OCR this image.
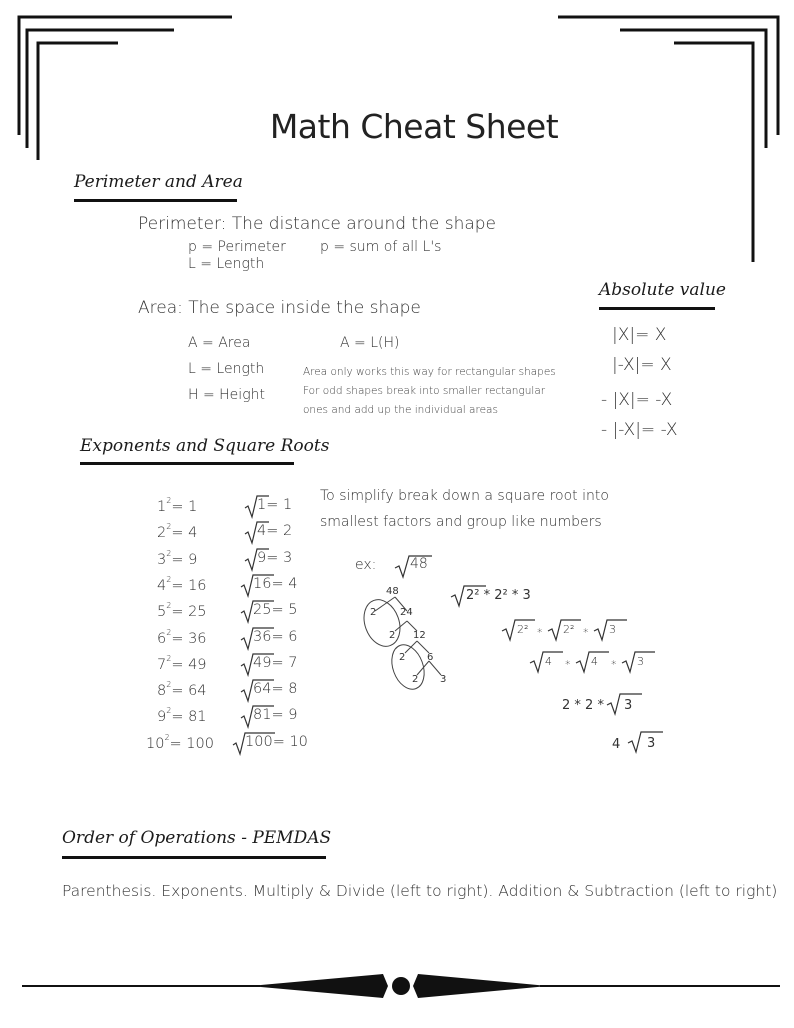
Math Cheat Sheet
Perimeter and Area
Perimeter: The distance around the shape
p = Perimeter p = sum of all L's
L = Length
Area: The space inside the shape
A = Area	A = L(H)
L = Length
H = Height
Area only works this way for rectangular shapes
For odd shapes break into smaller rectangular
ones and add up the individual areas
Absolute value
|X|= X
|-X|= X
- |X|= -X
- |-X|= -X
Exponents and Square Roots
$1^2= 1$
$2^2= 4$
$3^2= 9$
$4^2= 16$
$5^2= 25$
$6^2= 36$
$7^2= 49$
$8^2= 64$
$9^2= 81$
$10^2= 100$
1= 1
4= 2
9= 3
16= 4
25= 5
36= 6
49= 7
64= 8
81= 9
100= 10
To simplify break down a square root into
smallest factors and group like numbers
ex: 48
48
2 24
2 12
2 6
2 3
2² * 2² * 3
2² * 2² * 3
4 * 4 * 3
2 * 2 * 3
4 3
Order of Operations - PEMDAS
Parenthesis. Exponents. Multiply & Divide (left to right). Addition & Subtraction (left to right)
